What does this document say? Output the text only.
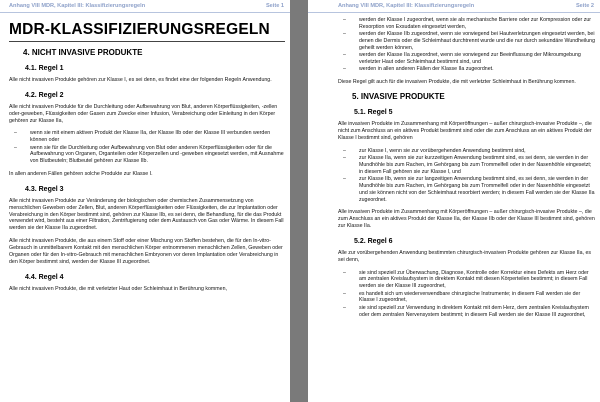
Anhang VIII MDR, Kapitel III: Klassifizierungsregeln	Seite 1
MDR-KLASSIFIZIERUNGSREGELN
4. NICHT INVASIVE PRODUKTE
4.1. Regel 1

Alle nicht invasiven Produkte gehören zur Klasse I, es sei denn, es findet eine der folgenden Regeln Anwendung.

4.2. Regel 2

Alle nicht invasiven Produkte für die Durchleitung oder Aufbewahrung von Blut, anderen Körperflüssigkeiten, -zellen oder-geweben, Flüssigkeiten oder Gasen zum Zwecke einer Infusion, Verabreichung oder Einleitung in den Körper gehören zur Klasse IIa,

– wenn sie mit einem aktiven Produkt der Klasse IIa, der Klasse IIb oder der Klasse III verbunden werden können oder
– wenn sie für die Durchleitung oder Aufbewahrung von Blut oder anderen Körperflüssigkeiten oder für die Aufbewahrung von Organen, Organteilen oder Körperzellen und -geweben eingesetzt werden, mit Ausnahme von Blutbeuteln; Blutbeutel gehören zur Klasse IIb.

In allen anderen Fällen gehören solche Produkte zur Klasse I.

4.3. Regel 3

Alle nicht invasiven Produkte zur Veränderung der biologischen oder chemischen Zusammensetzung von menschlichen Geweben oder Zellen, Blut, anderen Körperflüssigkeiten oder Flüssigkeiten, die zur Implantation oder Verabreichung in den Körper bestimmt sind, gehören zur Klasse IIb, es sei denn, die Behandlung, für die das Produkt verwendet wird, besteht aus einer Filtration, Zentrifugierung oder dem Austausch von Gas oder Wärme. In diesem Fall werden sie der Klasse IIa zugeordnet.

Alle nicht invasiven Produkte, die aus einem Stoff oder einer Mischung von Stoffen bestehen, die für den In-vitro-Gebrauch in unmittelbarem Kontakt mit den menschlichen Körper entnommenen menschlichen Zellen, Geweben oder Organen oder für den In-vitro-Gebrauch mit menschlichen Embryonen vor deren Implantation oder Verabreichung in den Körper bestimmt sind, werden der Klasse III zugeordnet.

4.4. Regel 4

Alle nicht invasiven Produkte, die mit verletzter Haut oder Schleimhaut in Berührung kommen,

Anhang VIII MDR, Kapitel III: Klassifizierungsregeln	Seite 2
– werden der Klasse I zugeordnet, wenn sie als mechanische Barriere oder zur Kompression oder zur Resorption von Exsudaten eingesetzt werden,
– werden der Klasse IIb zugeordnet, wenn sie vorwiegend bei Hautverletzungen eingesetzt werden, bei denen die Dermis oder die Schleimhaut durchtrennt wurde und die nur durch sekundäre Wundheilung geheilt werden können,
– werden der Klasse IIa zugeordnet, wenn sie vorwiegend zur Beeinflussung der Mikroumgebung verletzter Haut oder Schleimhaut bestimmt sind, und
– werden in allen anderen Fällen der Klasse IIa zugeordnet.

Diese Regel gilt auch für die invasiven Produkte, die mit verletzter Schleimhaut in Berührung kommen.

5. INVASIVE PRODUKTE
5.1. Regel 5

Alle invasiven Produkte im Zusammenhang mit Körperöffnungen – außer chirurgisch-invasive Produkte –, die nicht zum Anschluss an ein aktives Produkt bestimmt sind oder die zum Anschluss an ein aktives Produkt der Klasse I bestimmt sind, gehören

– zur Klasse I, wenn sie zur vorübergehenden Anwendung bestimmt sind,
– zur Klasse IIa, wenn sie zur kurzzeitigen Anwendung bestimmt sind, es sei denn, sie werden in der Mundhöhle bis zum Rachen, im Gehörgang bis zum Trommelfell oder in der Nasenhöhle eingesetzt; in diesem Fall gehören sie zur Klasse I, und
– zur Klasse IIb, wenn sie zur langzeitigen Anwendung bestimmt sind, es sei denn, sie werden in der Mundhöhle bis zum Rachen, im Gehörgang bis zum Trommelfell oder in der Nasenhöhle eingesetzt und sie können nicht von der Schleimhaut resorbiert werden; in diesem Fall werden sie der Klasse IIa zugeordnet.

Alle invasiven Produkte im Zusammenhang mit Körperöffnungen – außer chirurgisch-invasive Produkte –, die zum Anschluss an ein aktives Produkt der Klasse IIa, der Klasse IIb oder der Klasse III bestimmt sind, gehören zur Klasse IIa.

5.2. Regel 6

Alle zur vorübergehenden Anwendung bestimmten chirurgisch-invasiven Produkte gehören zur Klasse IIa, es sei denn,

– sie sind speziell zur Überwachung, Diagnose, Kontrolle oder Korrektur eines Defekts am Herz oder am zentralen Kreislaufsystem in direktem Kontakt mit diesen Körperteilen bestimmt; in diesem Fall werden sie der Klasse III zugeordnet,
– es handelt sich um wiederverwendbare chirurgische Instrumente; in diesem Fall werden sie der Klasse I zugeordnet,
– sie sind speziell zur Verwendung in direktem Kontakt mit dem Herz, dem zentralen Kreislaufsystem oder dem zentralen Nervensystem bestimmt; in diesem Fall werden sie der Klasse III zugeordnet,
